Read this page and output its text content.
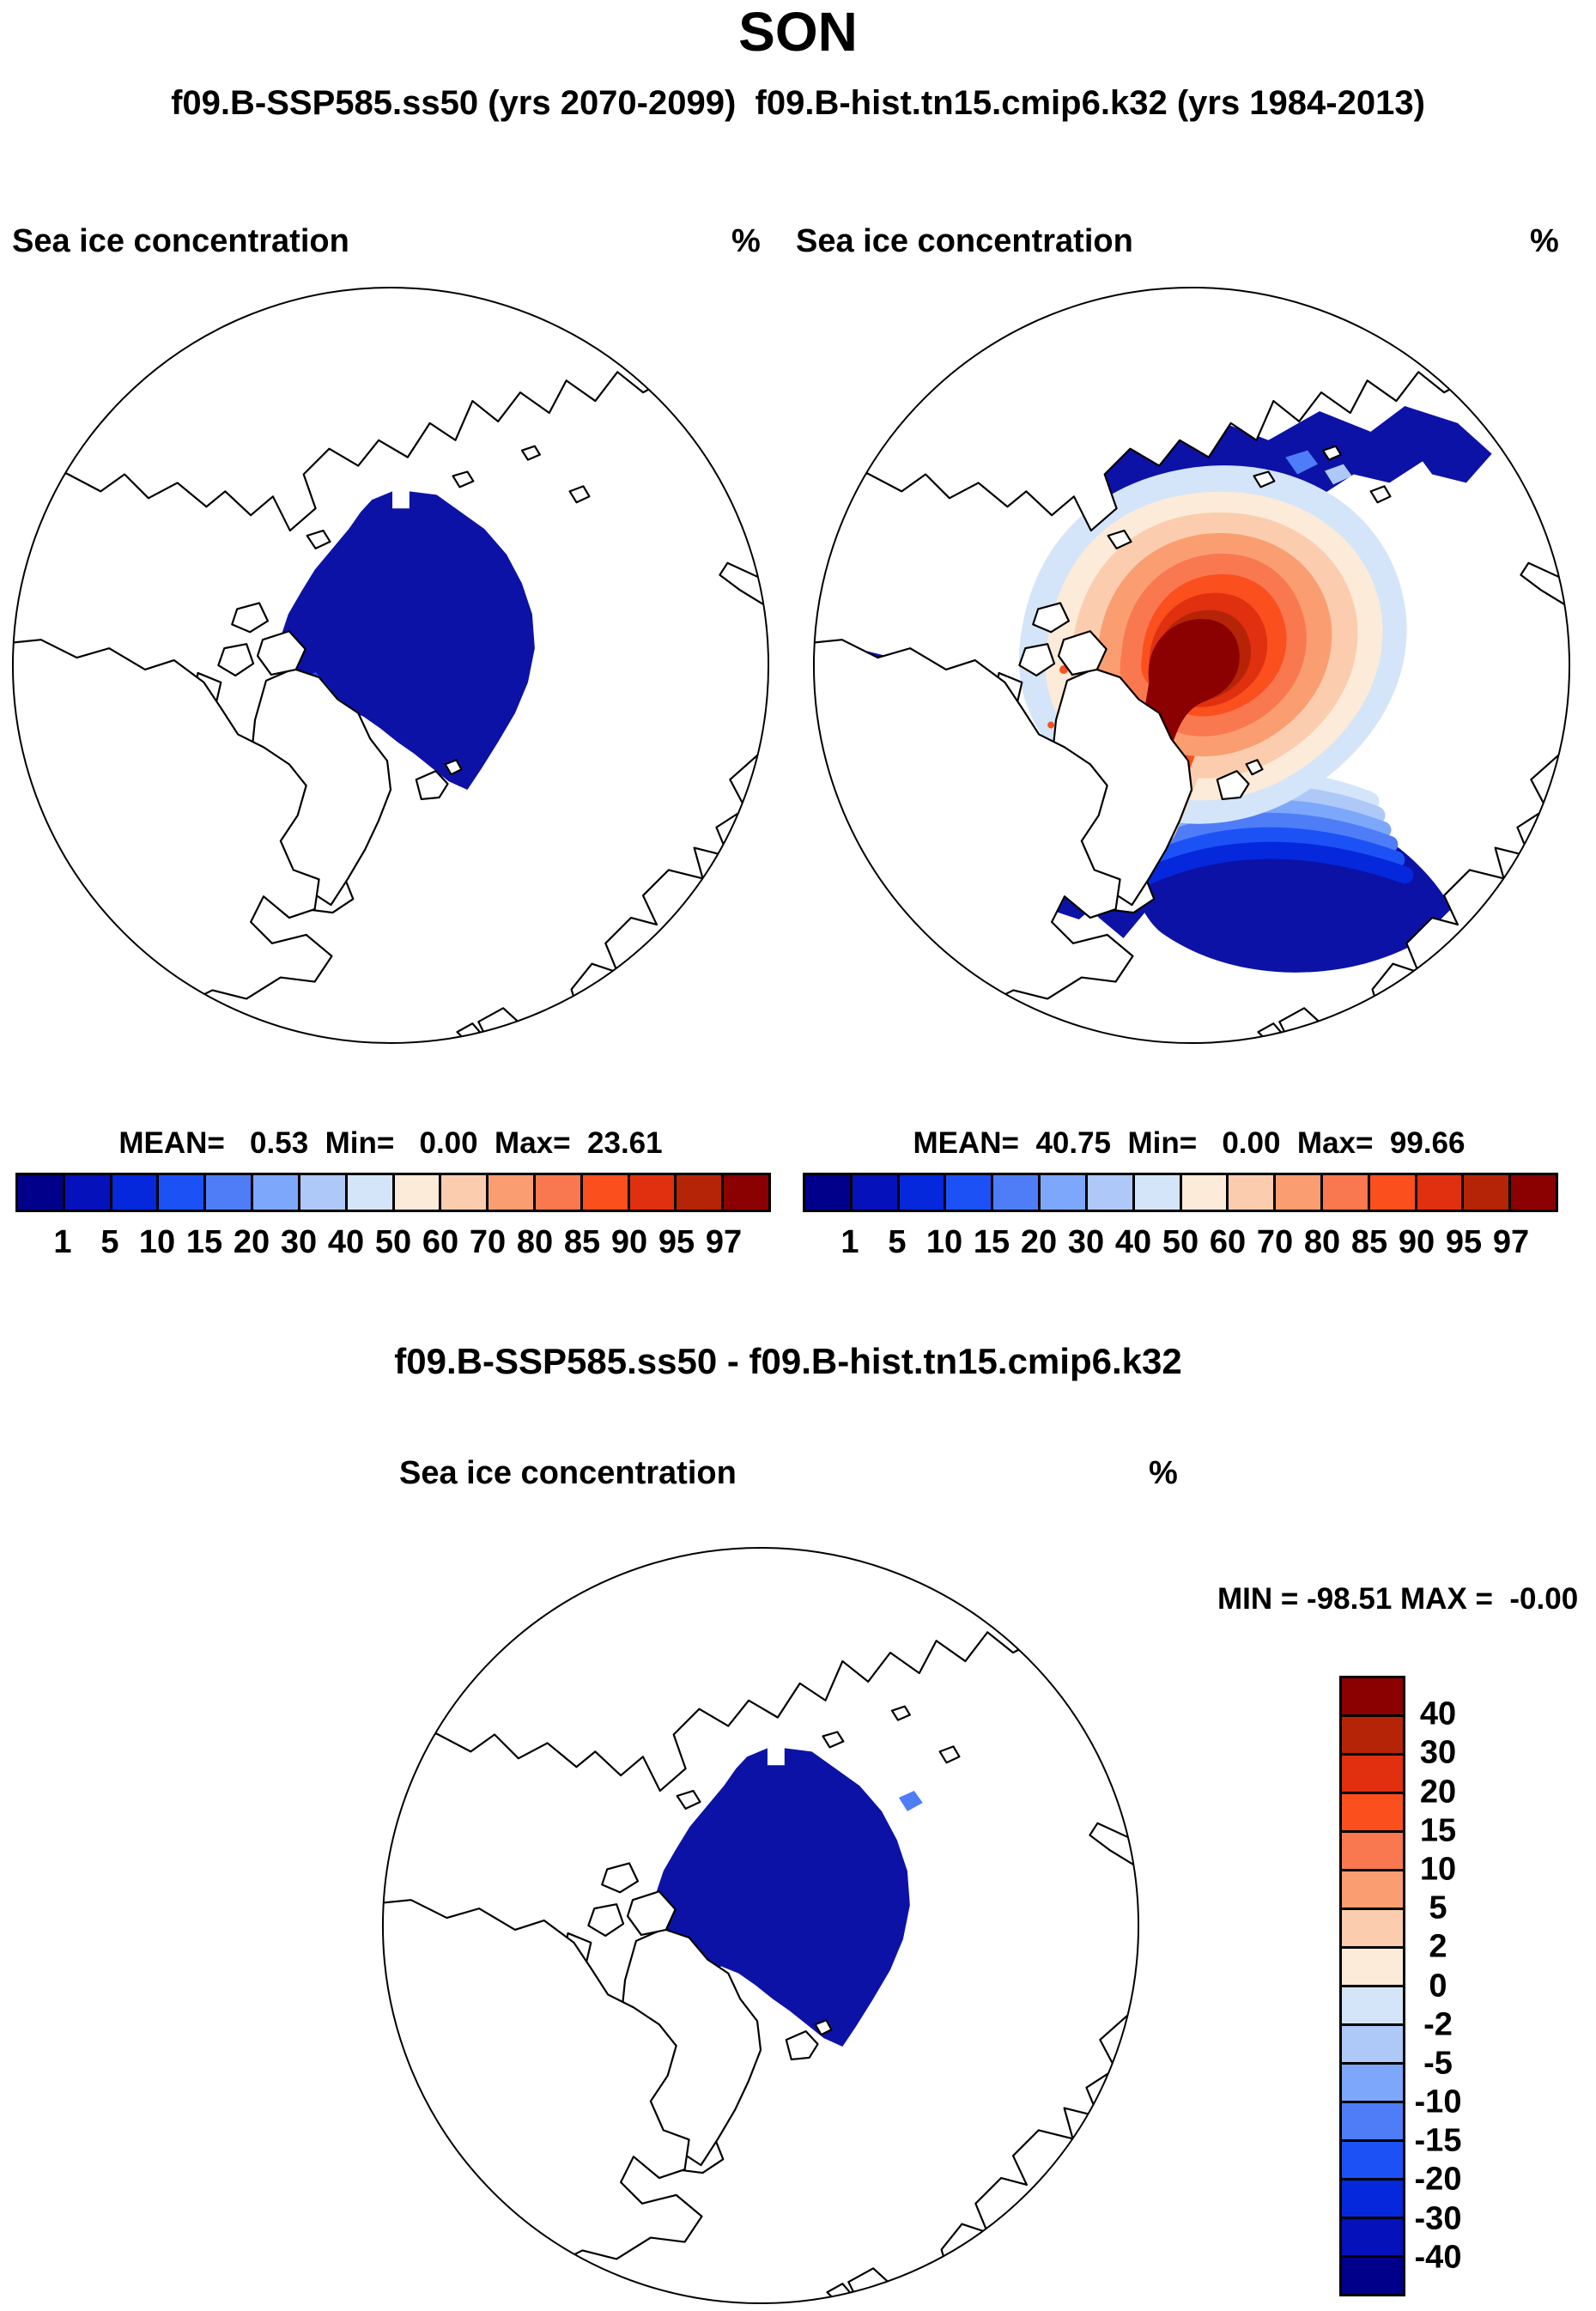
SON
f09.B-SSP585.ss50 (yrs 2070-2099)  f09.B-hist.tn15.cmip6.k32 (yrs 1984-2013)
Sea ice concentration	% Sea ice concentration	%
MEAN=   0.53  Min=   0.00  Max=  23.61	MEAN=  40.75  Min=   0.00  Max=  99.66
1 5 10 15 20 30 40 50 60 70 80 85 90 95 97	1 5 10 15 20 30 40 50 60 70 80 85 90 95 97
f09.B-SSP585.ss50 - f09.B-hist.tn15.cmip6.k32
Sea ice concentration	%
MIN = -98.51 MAX =  -0.00
40
30
20
15
10
5
2
0
-2
-5
-10
-15
-20
-30
-40
